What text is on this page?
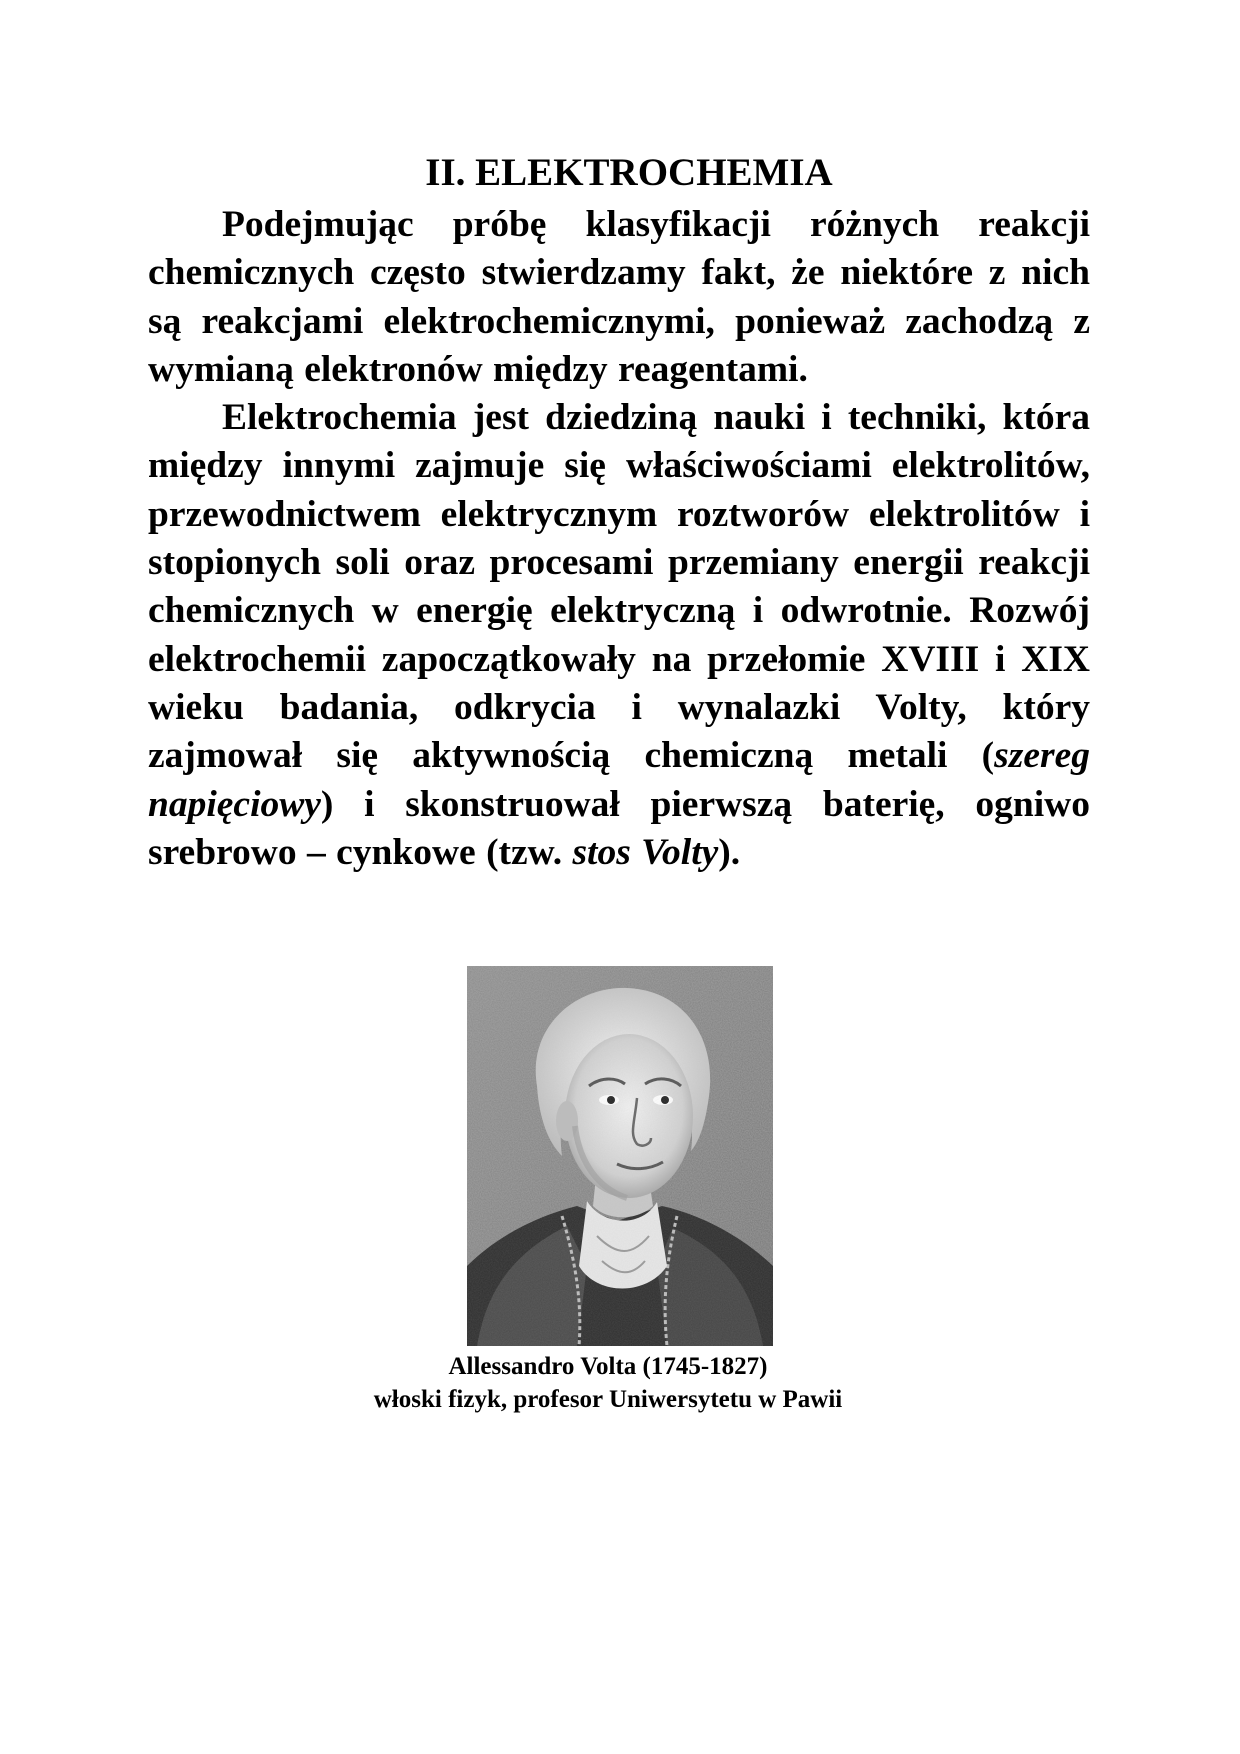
II. ELEKTROCHEMIA

Podejmując próbę klasyfikacji różnych reakcji chemicznych często stwierdzamy fakt, że niektóre z nich są reakcjami elektrochemicznymi, ponieważ zachodzą z wymianą elektronów między reagentami.

Elektrochemia jest dziedziną nauki i techniki, która między innymi zajmuje się właściwościami elektrolitów, przewodnictwem elektrycznym roztworów elektrolitów i stopionych soli oraz procesami przemiany energii reakcji chemicznych w energię elektryczną i odwrotnie. Rozwój elektrochemii zapoczątkowały na przełomie XVIII i XIX wieku badania, odkrycia i wynalazki Volty, który zajmował się aktywnością chemiczną metali (szereg napięciowy) i skonstruował pierwszą baterię, ogniwo srebrowo – cynkowe (tzw. stos Volty).

Allessandro Volta (1745-1827)
włoski fizyk, profesor Uniwersytetu w Pawii
